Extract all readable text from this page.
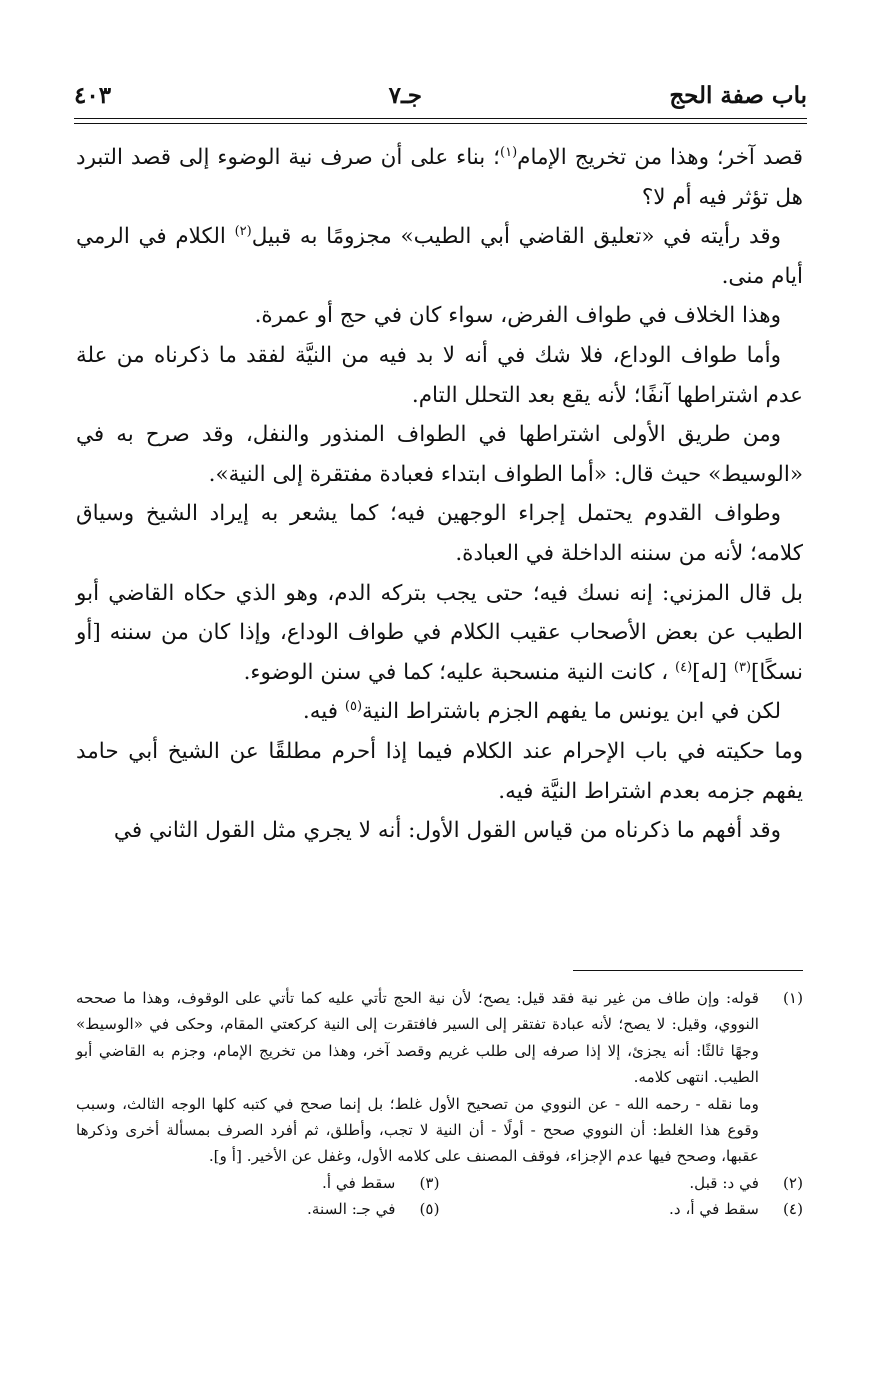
باب صفة الحج
جـ٧
٤٠٣

قصد آخر؛ وهذا من تخريج الإمام$^{(١)}$؛ بناء على أن صرف نية الوضوء إلى قصد التبرد هل تؤثر فيه أم لا؟

وقد رأيته في «تعليق القاضي أبي الطيب» مجزومًا به قبيل$^{(٢)}$ الكلام في الرمي أيام منى.

وهذا الخلاف في طواف الفرض، سواء كان في حج أو عمرة.

وأما طواف الوداع، فلا شك في أنه لا بد فيه من النيَّة لفقد ما ذكرناه من علة عدم اشتراطها آنفًا؛ لأنه يقع بعد التحلل التام.

ومن طريق الأولى اشتراطها في الطواف المنذور والنفل، وقد صرح به في «الوسيط» حيث قال: «أما الطواف ابتداء فعبادة مفتقرة إلى النية».

وطواف القدوم يحتمل إجراء الوجهين فيه؛ كما يشعر به إيراد الشيخ وسياق كلامه؛ لأنه من سننه الداخلة في العبادة.

بل قال المزني: إنه نسك فيه؛ حتى يجب بتركه الدم، وهو الذي حكاه القاضي أبو الطيب عن بعض الأصحاب عقيب الكلام في طواف الوداع، وإذا كان من سننه [أو نسكًا]$^{(٣)}$ [له]$^{(٤)}$ ، كانت النية منسحبة عليه؛ كما في سنن الوضوء.

لكن في ابن يونس ما يفهم الجزم باشتراط النية$^{(٥)}$ فيه.

وما حكيته في باب الإحرام عند الكلام فيما إذا أحرم مطلقًا عن الشيخ أبي حامد يفهم جزمه بعدم اشتراط النيَّة فيه.

وقد أفهم ما ذكرناه من قياس القول الأول: أنه لا يجري مثل القول الثاني في

(١)

قوله: وإن طاف من غير نية فقد قيل: يصح؛ لأن نية الحج تأتي عليه كما تأتي على الوقوف، وهذا ما صححه النووي، وقيل: لا يصح؛ لأنه عبادة تفتقر إلى السير فافتقرت إلى النية كركعتي المقام، وحكى في «الوسيط» وجهًا ثالثًا: أنه يجزئ، إلا إذا صرفه إلى طلب غريم وقصد آخر، وهذا من تخريج الإمام، وجزم به القاضي أبو الطيب. انتهى كلامه.

وما نقله - رحمه الله - عن النووي من تصحيح الأول غلط؛ بل إنما صحح في كتبه كلها الوجه الثالث، وسبب وقوع هذا الغلط: أن النووي صحح - أولًا - أن النية لا تجب، وأطلق، ثم أفرد الصرف بمسألة أخرى وذكرها عقبها، وصحح فيها عدم الإجزاء، فوقف المصنف على كلامه الأول، وغفل عن الأخير. [أ و].

(٢)

في د: قبل.

(٣)

سقط في أ.

(٤)

سقط في أ، د.

(٥)

في جـ: السنة.
